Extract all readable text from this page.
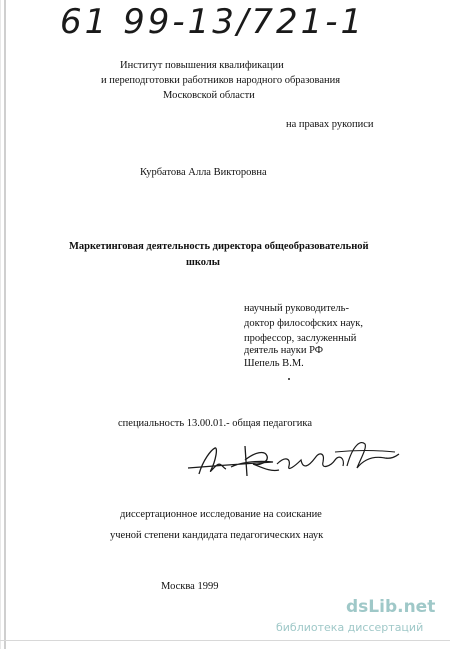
61 99-13/721-1
Институт повышения квалификации
и переподготовки работников народного образования
Московской области
на правах рукописи
Курбатова Алла Викторовна
Маркетинговая деятельность директора общеобразовательной
школы
научный руководитель-
доктор философских наук,
профессор, заслуженный
деятель науки РФ
Шепель В.М.
специальность 13.00.01.- общая педагогика
диссертационное исследование на соискание
ученой степени кандидата педагогических наук
Москва 1999
dsLib.net
библиотека диссертаций
